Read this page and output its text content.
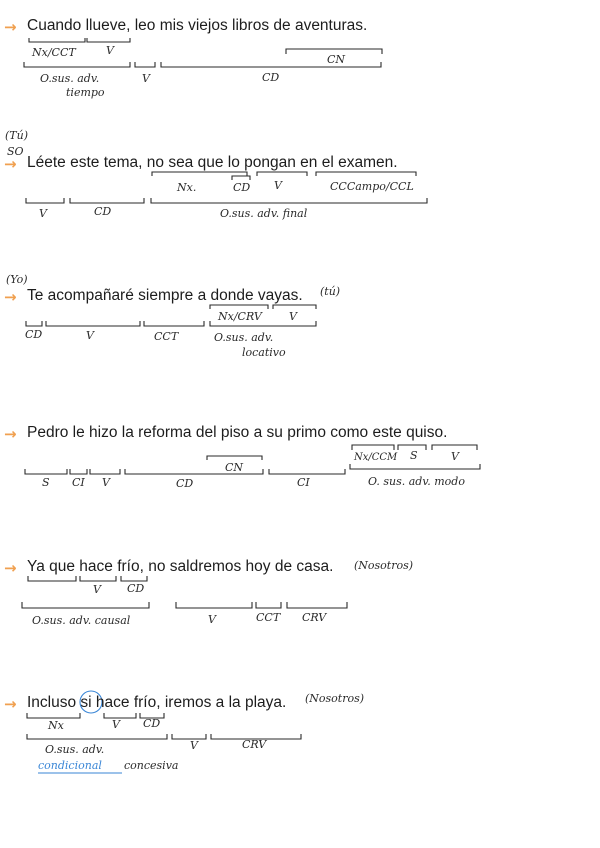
→ Cuando llueve, leo mis viejos libros de aventuras.
Nx/CCT	V
CN
O.sus. adv.
tiempo
V	CD
(Tú)
SO
→ Léete este tema, no sea que lo pongan en el examen.
Nx.	CD V	CCCampo/CCL
V	CD	O.sus. adv. final
(Yo)
→ Te acompañaré siempre a donde vayas. (tú)
Nx/CRV V
CD	V	CCT	O.sus. adv.
locativo
→ Pedro le hizo la reforma del piso a su primo como este quiso.
Nx/CCM S	V
CN
S CI V	CD	CI	O. sus. adv. modo
→ Ya que hace frío, no saldremos hoy de casa. (Nosotros)
V CD
O.sus. adv. causal	V	CCT CRV
→ Incluso si hace frío, iremos a la playa. (Nosotros)
Nx	V CD
O.sus. adv.
condicional concesiva
V	CRV
